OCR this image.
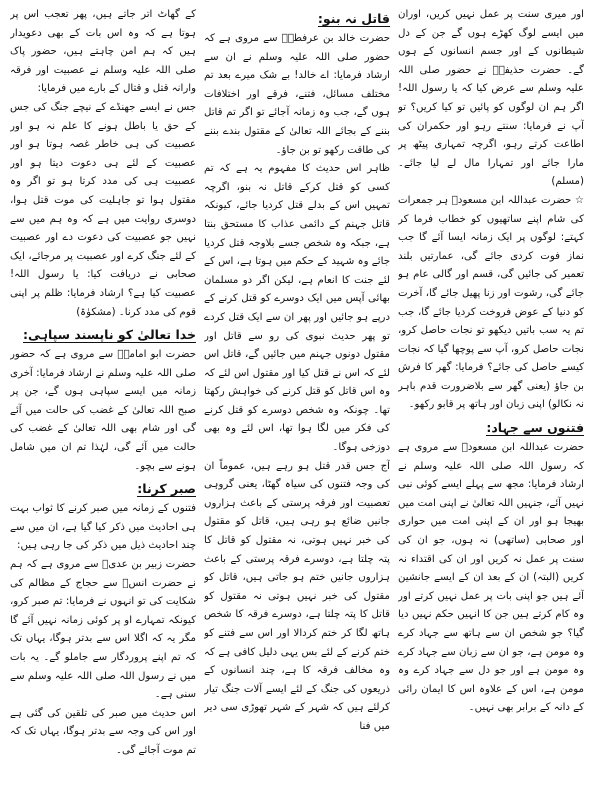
اور میری سنت پر عمل نہیں کریں، اوران میں ایسے لوگ کھڑے ہوں گے جن کے دل شیطانوں کے اور جسم انسانوں کے ہوں گے۔ حضرت حذیفہؓ نے حضور صلی اللہ علیہ وسلم سے عرض کیا کہ یا رسول اللہ! اگر ہم ان لوگوں کو پائیں تو کیا کریں؟ تو آپ نے فرمایا: سنتے رہو اور حکمران کی اطاعت کرتے رہو، اگرچہ تمہاری پیٹھ پر مارا جائے اور تمہارا مال لے لیا جائے۔ (مسلم)

☆ حضرت عبداللہ ابن مسعودؓ ہر جمعرات کی شام اپنے ساتھیوں کو خطاب فرما کر کہتے: لوگوں پر ایک زمانہ ایسا آئے گا جب نماز فوت کردی جائے گی، عمارتیں بلند تعمیر کی جائیں گی، قسم اور گالی عام ہو جائے گی، رشوت اور زنا پھیل جائے گا، آخرت کو دنیا کے عوض فروخت کردیا جائے گا، جب تم یہ سب باتیں دیکھو تو نجات حاصل کرو، نجات حاصل کرو، آپ سے پوچھا گیا کہ نجات کیسے حاصل کی جائے؟ فرمایا: گھر کا فرش بن جاؤ (یعنی گھر سے بلاضرورت قدم باہر نہ نکالو) اپنی زبان اور ہاتھ پر قابو رکھو۔

فتنوں سے جہاد:

حضرت عبداللہ ابن مسعودؓ سے مروی ہے کہ رسول اللہ صلی اللہ علیہ وسلم نے ارشاد فرمایا: مجھ سے پہلے ایسے کوئی نبی نہیں آئے، جنہیں اللہ تعالیٰ نے اپنی امت میں بھیجا ہو اور ان کے اپنی امت میں حواری اور صحابی (ساتھی) نہ ہوں، جو ان کی سنت پر عمل نہ کریں اور ان کی اقتداء نہ کریں (البتہ) ان کے بعد ان کے ایسے جانشین آئے ہیں جو اپنی بات پر عمل نہیں کرتے اور وہ کام کرتے ہیں جن کا انہیں حکم نہیں دیا گیا؟ جو شخص ان سے ہاتھ سے جہاد کرے وہ مومن ہے، جو ان سے زبان سے جہاد کرے وہ مومن ہے اور جو دل سے جہاد کرے وہ مومن ہے، اس کے علاوہ اس کا ایمان رائی کے دانہ کے برابر بھی نہیں۔

قاتل نہ بنو:

حضرت خالد بن عرفطہؓ سے مروی ہے کہ حضور صلی اللہ علیہ وسلم نے ان سے ارشاد فرمایا: اے خالد! بے شک میرے بعد تم مختلف مسائل، فتنے، فرقے اور اختلافات ہوں گے، جب وہ زمانہ آجائے تو اگر تم قاتل بننے کے بجائے اللہ تعالیٰ کے مقتول بندے بننے کی طاقت رکھو تو بن جاؤ۔

ظاہر اس حدیث کا مفہوم یہ ہے کہ تم کسی کو قتل کرکے قاتل نہ بنو، اگرچہ تمہیں اس کے بدلے قتل کردیا جائے، کیونکہ قاتل جہنم کے دائمی عذاب کا مستحق بنتا ہے، جبکہ وہ شخص جسے بلاوجہ قتل کردیا جائے وہ شہید کے حکم میں ہوتا ہے، اس کے لئے جنت کا انعام ہے، لیکن اگر دو مسلمان بھائی آپس میں ایک دوسرے کو قتل کرنے کے درپے ہو جائیں اور پھر ان سے ایک قتل کردے تو پھر حدیث نبوی کی رو سے قاتل اور مقتول دونوں جہنم میں جائیں گے، قاتل اس لئے کہ اس نے قتل کیا اور مقتول اس لئے کہ وہ اس قاتل کو قتل کرنے کی خواہش رکھتا تھا۔ چونکہ وہ شخص دوسرے کو قتل کرنے کی فکر میں لگا ہوا تھا، اس لئے وہ بھی دوزخی ہوگا۔

آج جس قدر قتل ہو رہے ہیں، عموماً ان کی وجہ فتنوں کی سیاہ گھٹا، یعنی گروہی تعصبیت اور فرقہ پرستی کے باعث ہزاروں جانیں ضائع ہو رہی ہیں، قاتل کو مقتول کی خبر نہیں ہوتی، نہ مقتول کو قاتل کا پتہ چلتا ہے، دوسرے فرقہ پرستی کے باعث ہزاروں جانیں ختم ہو جاتی ہیں، قاتل کو مقتول کی خبر نہیں ہوتی نہ مقتول کو قاتل کا پتہ چلتا ہے، دوسرے فرقہ کا شخص ہاتھ لگا کر ختم کردالا اور اس سے فتنے کو ختم کرنے کے لئے بس یہی دلیل کافی ہے کہ وہ مخالف فرقہ کا ہے، چند انسانوں کے ذریعوں کی جنگ کے لئے ایسے آلات جنگ تیار کرلئے ہیں کہ شہر کے شہر تھوڑی سی دیر میں فنا

کے گھاٹ اتر جاتے ہیں، پھر تعجب اس پر ہوتا ہے کہ وہ اس بات کے بھی دعویدار ہیں کہ ہم امن چاہتے ہیں، حضور پاک صلی اللہ علیہ وسلم نے عصبیت اور فرقہ وارانہ قتل و قتال کے بارے میں فرمایا:

جس نے ایسے جھنڈے کے نیچے جنگ کی جس کے حق یا باطل ہونے کا علم نہ ہو اور عصبیت کی ہی خاطر غصہ ہوتا ہو اور عصبیت کے لئے ہی دعوت دیتا ہو اور عصبیت ہی کی مدد کرتا ہو تو اگر وہ مقتول ہوا تو جاہلیت کی موت قتل ہوا، دوسری روایت میں ہے کہ وہ ہم میں سے نہیں جو عصبیت کی دعوت دے اور عصبیت کے لئے جنگ کرے اور عصبیت پر مرجائے، ایک صحابی نے دریافت کیا: یا رسول اللہ! عصبیت کیا ہے؟ ارشاد فرمایا: ظلم پر اپنی قوم کی مدد کرنا۔ (مشکوٰۃ)

خدا تعالیٰ کو ناپسند سپاہی:

حضرت ابو امامہؓ سے مروی ہے کہ حضور صلی اللہ علیہ وسلم نے ارشاد فرمایا: آخری زمانہ میں ایسے سپاہی ہوں گے، جن پر صبح اللہ تعالیٰ کے غضب کی حالت میں آئے گی اور شام بھی اللہ تعالیٰ کے غضب کی حالت میں آئے گی، لہٰذا تم ان میں شامل ہونے سے بچو۔

صبر کرنا:

فتنوں کے زمانہ میں صبر کرنے کا ثواب بہت ہی احادیث میں ذکر کیا گیا ہے، ان میں سے چند احادیث ذیل میں ذکر کی جا رہی ہیں:

حضرت زبیر بن عدیؓ سے مروی ہے کہ ہم نے حضرت انسؓ سے حجاج کے مظالم کی شکایت کی تو انہوں نے فرمایا: تم صبر کرو، کیونکہ تمہارے او پر کوئی زمانہ نہیں آئے گا مگر یہ کہ اگلا اس سے بدتر ہوگا، یہاں تک کہ تم اپنے پروردگار سے جاملو گے۔ یہ بات میں نے رسول اللہ صلی اللہ علیہ وسلم سے سنی ہے۔

اس حدیث میں صبر کی تلقین کی گئی ہے اور اس کی وجہ سے بدتر ہوگا، یہاں تک کہ تم موت آجائے گی۔
